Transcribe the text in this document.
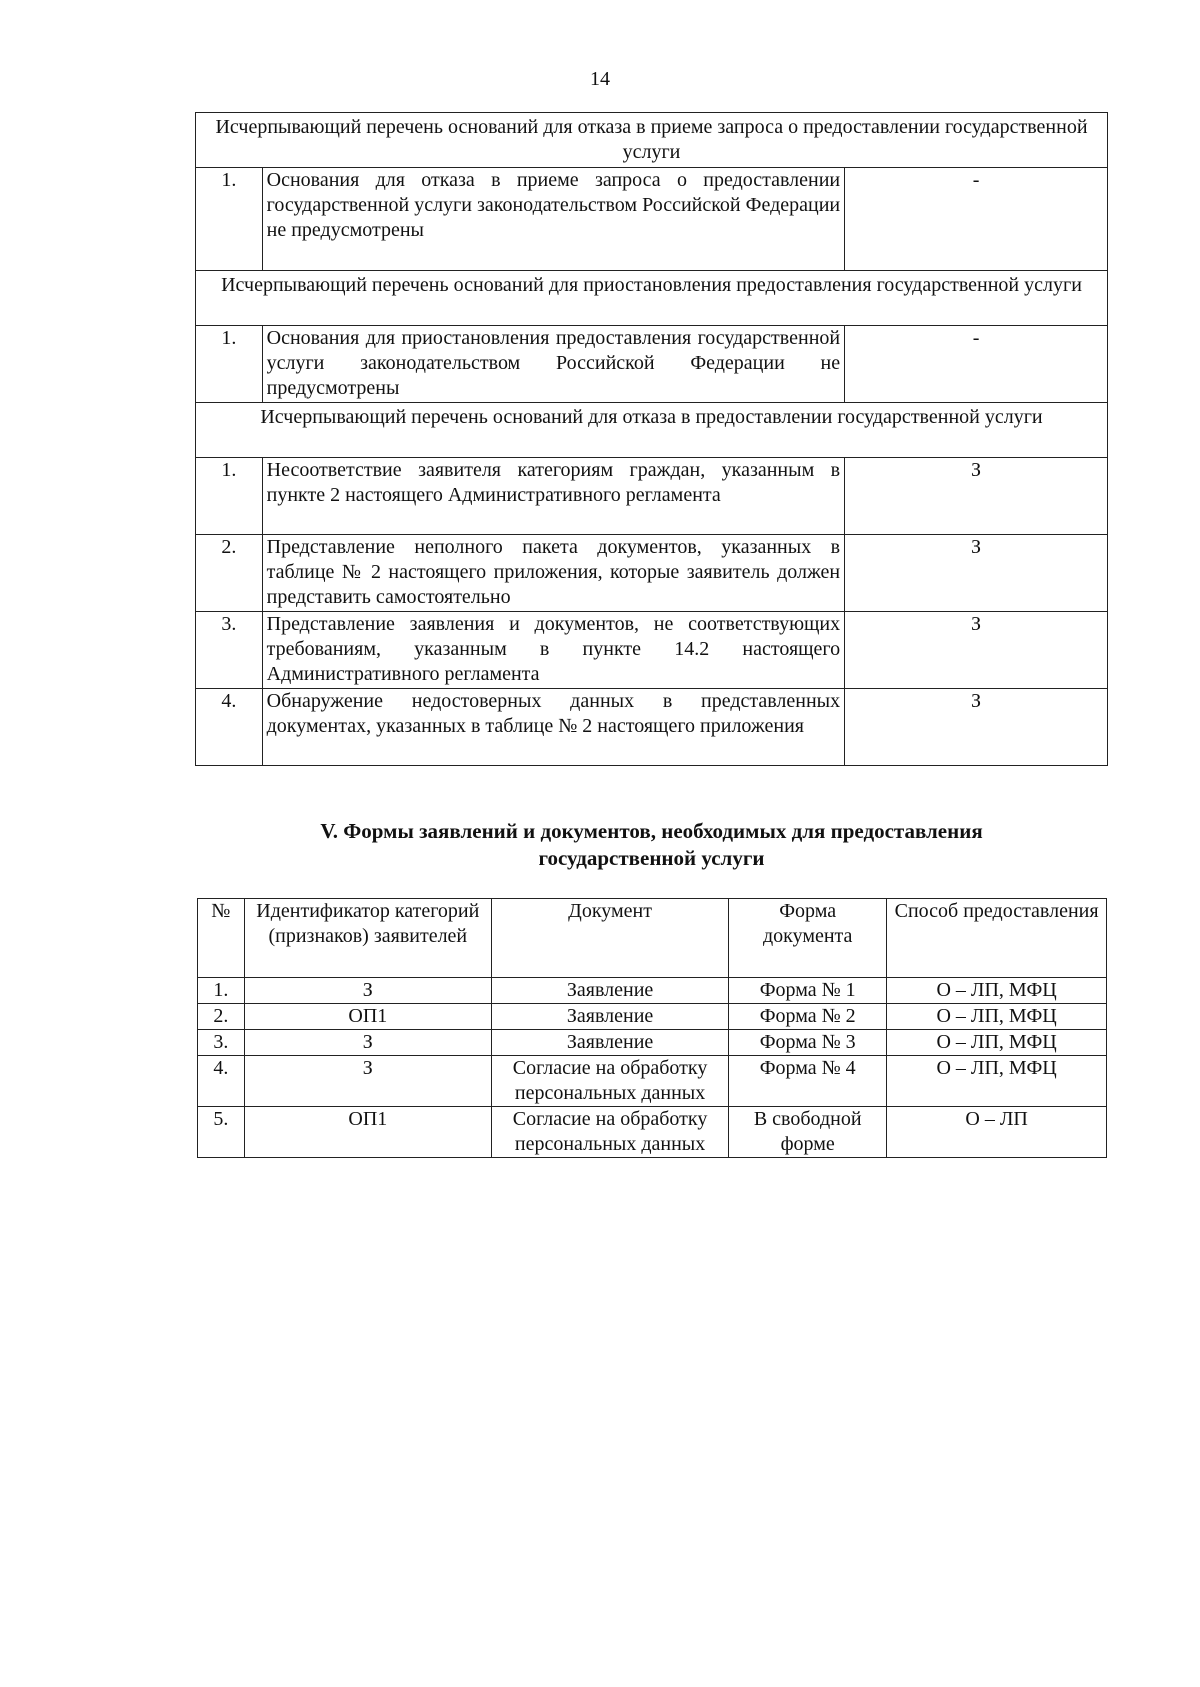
14
Исчерпывающий перечень оснований для отказа в приеме запроса о предоставлении государственной услуги		
1.	Основания для отказа в приеме запроса о предоставлении государственной услуги законодательством Российской Федерации не предусмотрены	-
Исчерпывающий перечень оснований для приостановления предоставления государственной услуги		
1.	Основания для приостановления предоставления государственной услуги законодательством Российской Федерации не предусмотрены	-
Исчерпывающий перечень оснований для отказа в предоставлении государственной услуги		
1.	Несоответствие заявителя категориям граждан, указанным в пункте 2 настоящего Административного регламента	З
2.	Представление неполного пакета документов, указанных в таблице № 2 настоящего приложения, которые заявитель должен представить самостоятельно	З
3.	Представление заявления и документов, не соответствующих требованиям, указанным в пункте 14.2 настоящего Административного регламента	З
4.	Обнаружение недостоверных данных в представленных документах, указанных в таблице № 2 настоящего приложения	З
V. Формы заявлений и документов, необходимых для предоставления
государственной услуги
№	Идентификатор категорий (признаков) заявителей	Документ	Форма документа	Способ предоставления
1.	З	Заявление	Форма № 1	О – ЛП, МФЦ
2.	ОП1	Заявление	Форма № 2	О – ЛП, МФЦ
3.	З	Заявление	Форма № 3	О – ЛП, МФЦ
4.	З	Согласие на обработку персональных данных	Форма № 4	О – ЛП, МФЦ
5.	ОП1	Согласие на обработку персональных данных	В свободной форме	О – ЛП
